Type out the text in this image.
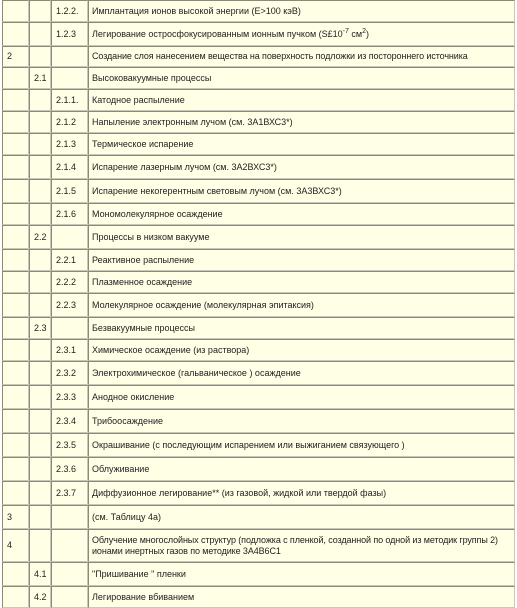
		1.2.2.	Имплантация ионов высокой энергии (E>100 кэВ)
		1.2.3	Легирование остросфокусированным ионным пучком ($S£10^{-7}$ $см^2$)
2			Создание слоя нанесением вещества на поверхность подложки из постороннего источника
	2.1		Высоковакуумные процессы
		2.1.1.	Катодное распыление
		2.1.2	Напыление электронным лучом (см. 3А1ВХС3*)
		2.1.3	Термическое испарение
		2.1.4	Испарение лазерным лучом (см. 3А2ВХС3*)
		2.1.5	Испарение некогерентным световым лучом (см. 3А3ВХС3*)
		2.1.6	Мономолекулярное осаждение
	2.2		Процессы в низком вакууме
		2.2.1	Реактивное распыление
		2.2.2	Плазменное осаждение
		2.2.3	Молекулярное осаждение (молекулярная эпитаксия)
	2.3		Безвакуумные процессы
		2.3.1	Химическое осаждение (из раствора)
		2.3.2	Электрохимическое (гальваническое ) осаждение
		2.3.3	Анодное окисление
		2.3.4	Трибоосаждение
		2.3.5	Окрашивание (с последующим испарением или выжиганием связующего )
		2.3.6	Облуживание
		2.3.7	Диффузионное легирование** (из газовой, жидкой или твердой фазы)
3			(см. Таблицу 4а)
4			Облучение многослойных структур (подложка с пленкой, созданной по одной из методик группы 2) ионами инертных газов по методике 3А4В6С1
	4.1		"Пришивание " пленки
	4.2		Легирование вбиванием
